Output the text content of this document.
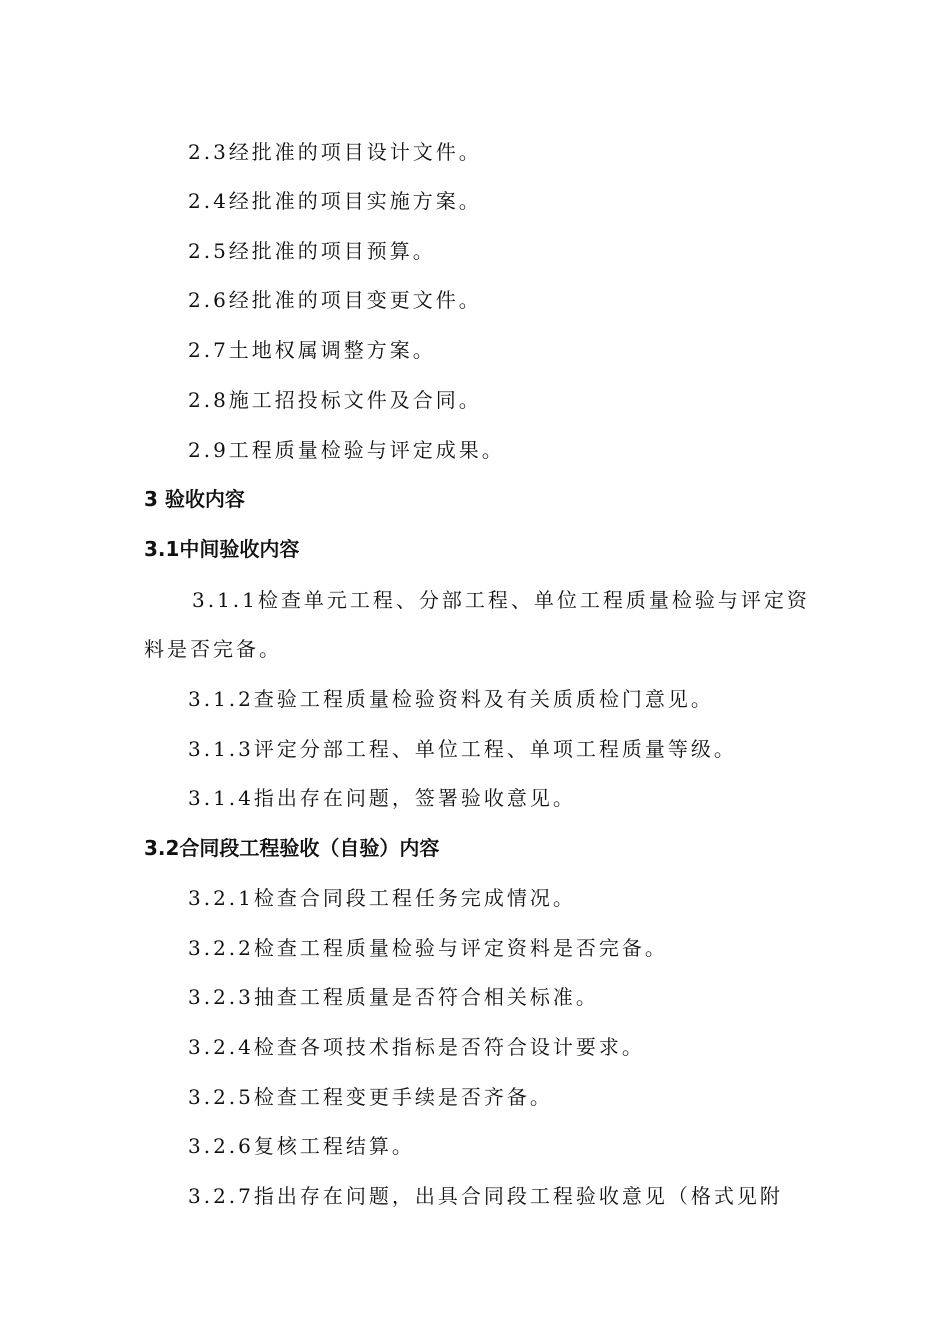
2.3经批准的项目设计文件。
2.4经批准的项目实施方案。
2.5经批准的项目预算。
2.6经批准的项目变更文件。
2.7土地权属调整方案。
2.8施工招投标文件及合同。
2.9工程质量检验与评定成果。
3 验收内容
3.1中间验收内容
3.1.1检查单元工程、分部工程、单位工程质量检验与评定资
料是否完备。
3.1.2查验工程质量检验资料及有关质质检门意见。
3.1.3评定分部工程、单位工程、单项工程质量等级。
3.1.4指出存在问题，签署验收意见。
3.2合同段工程验收（自验）内容
3.2.1检查合同段工程任务完成情况。
3.2.2检查工程质量检验与评定资料是否完备。
3.2.3抽查工程质量是否符合相关标准。
3.2.4检查各项技术指标是否符合设计要求。
3.2.5检查工程变更手续是否齐备。
3.2.6复核工程结算。
3.2.7指出存在问题，出具合同段工程验收意见（格式见附
